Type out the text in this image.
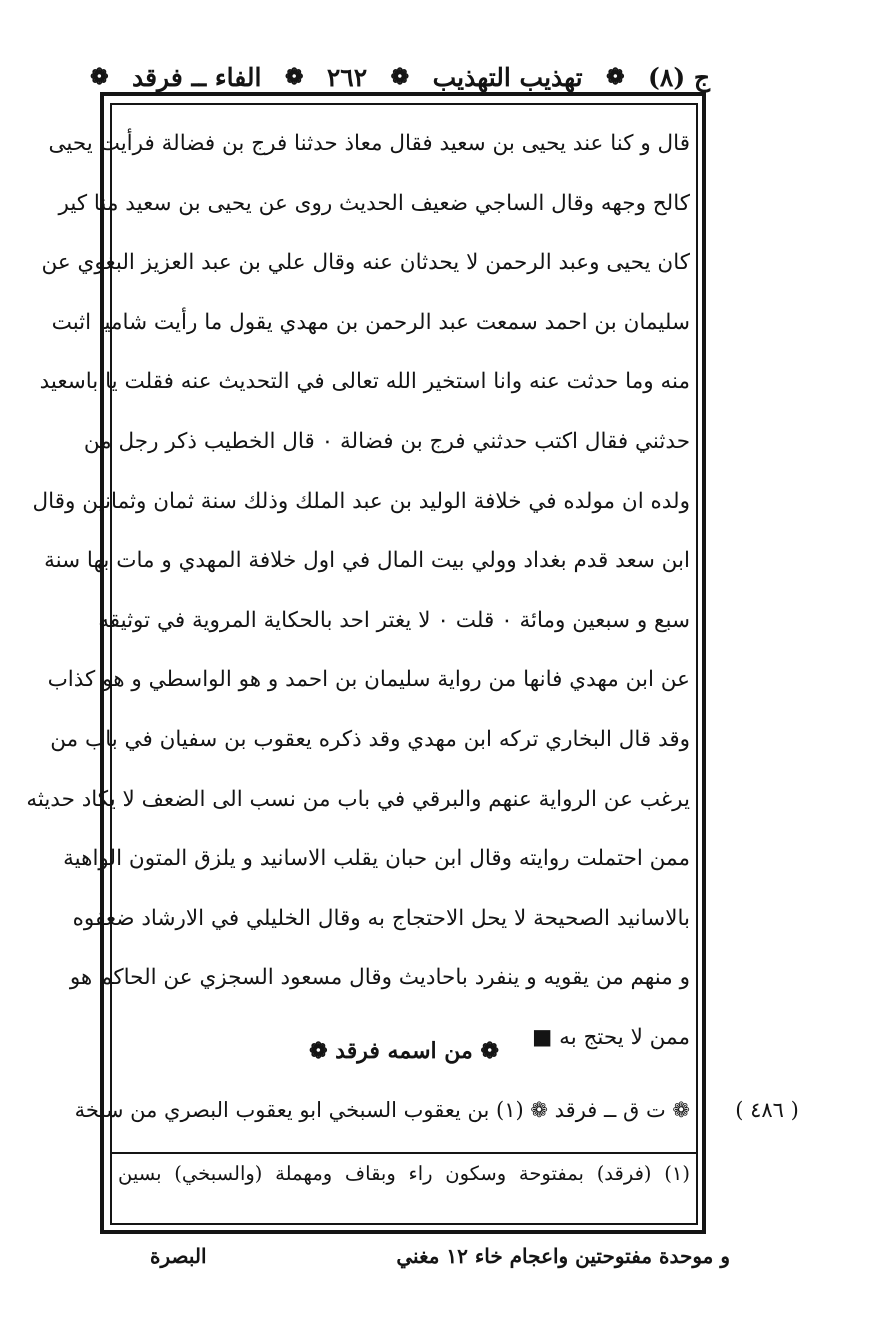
ج (٨)
❁
تهذيب التهذيب
❁
٢٦٢
❁
الفاء ــ فرقد
❁
قال و كنا عند يحيى بن سعيد فقال معاذ حدثنا فرج بن فضالة فرأيت يحيى
كالح وجهه وقال الساجي ضعيف الحديث روى عن يحيى بن سعيد منا كير
كان يحيى وعبد الرحمن لا يحدثان عنه وقال علي بن عبد العزيز البغوي عن
سليمان بن احمد سمعت عبد الرحمن بن مهدي يقول ما رأيت شاميا اثبت
منه وما حدثت عنه وانا استخير الله تعالى في التحديث عنه فقلت يا باسعيد
حدثني فقال اكتب حدثني فرج بن فضالة ٠ قال الخطيب ذكر رجل من
ولده ان مولده في خلافة الوليد بن عبد الملك وذلك سنة ثمان وثمانين وقال
ابن سعد قدم بغداد وولي بيت المال في اول خلافة المهدي و مات بها سنة
سبع و سبعين ومائة ٠ قلت ٠ لا يغتر احد بالحكاية المروية في توثيقه
عن ابن مهدي فانها من رواية سليمان بن احمد و هو الواسطي و هو كذاب
وقد قال البخاري تركه ابن مهدي وقد ذكره يعقوب بن سفيان في باب من
يرغب عن الرواية عنهم والبرقي في باب من نسب الى الضعف لا يكاد حديثه
ممن احتملت روايته وقال ابن حبان يقلب الاسانيد و يلزق المتون الواهية
بالاسانيد الصحيحة لا يحل الاحتجاج به وقال الخليلي في الارشاد ضعفوه
و منهم من يقويه و ينفرد باحاديث وقال مسعود السجزي عن الحاكم هو
ممن لا يحتج به ■
❁ من اسمه فرقد ❁
( ٤٨٦ )
❁ ت ق ــ فرقد ❁ (١) بن يعقوب السبخي ابو يعقوب البصري من سبخة
(١) (فرقد) بمفتوحة وسكون راء وبقاف ومهملة (والسبخي) بسين
و موحدة مفتوحتين واعجام خاء ١٢ مغني
البصرة
